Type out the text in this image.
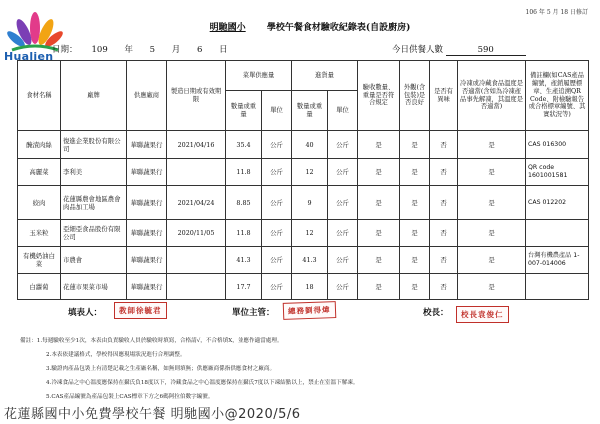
106 年 5 月 18 日修訂
Hualien
明馳國小 學校午餐食材驗收紀錄表(自設廚房)
日期： 109 年 5 月 6 日	今日供餐人數	590
食材名稱	廠牌	供應廠商	製造日期或有效期限	菜單供應量		進貨量		驗收數量、重量是否符合規定	外觀(含包裝)是否良好	是否有異味	冷凍或冷藏食品溫度是否適當(含如為冷凍產品事先解凍，其溫度是否適當)	備註欄(如CAS產品編號，產銷履歷標章、生產追溯QR Code、附檢驗報告或合格標章編號、其實狀況等)
				數量或重量	單位	數量或重量	單位					
醃漬肉絲	復進企業股份有限公司	華聯蔬果行	2021/04/16	35.4	公斤	40	公斤	是	是	否	是	CAS 016300
高麗菜	李利美	華聯蔬果行		11.8	公斤	12	公斤	是	是	否	是	QR code 1601001581
絞肉	花蓮縣農會地區農會肉品加工場	華聯蔬果行	2021/04/24	8.85	公斤	9	公斤	是	是	否	是	CAS 012202
玉米粒	亞細亞食品股份有限公司	華聯蔬果行	2020/11/05	11.8	公斤	12	公斤	是	是	否	是	
有機奶油白菜	市農會	華聯蔬果行		41.3	公斤	41.3	公斤	是	是	否	是	台灣有機農產品 1-007-014006
白蘿蔔	花蓮市果菜市場	華聯蔬果行		17.7	公斤	18	公斤	是	是	否	是	
填表人：	教師徐毓君	單位主管：	總務劉得煒	校長：	校長袁俊仁
備註：1.每週驗收至少1次，本表由負責驗收人員於驗收時填寫，合格請√，不合格填X，並應作適當處理。
2.本表依建議格式，學校得因應現場狀況進行合理調整。
3.驗證肉產品包裝上有清楚記載之生產廠名稱，如無則填無；供應廠商係指供應食材之廠商。
4.冷凍食品之中心溫度應保持在攝氏負18度以下，冷藏食品之中心溫度應保持在攝氏7度以下凍結點以上，禁止在室溫下解凍。
5.CAS產品編號為產品包裝上CAS標章下方之6碼阿拉伯數字編號。
花蓮縣國中小免費學校午餐 明馳國小@2020/5/6
